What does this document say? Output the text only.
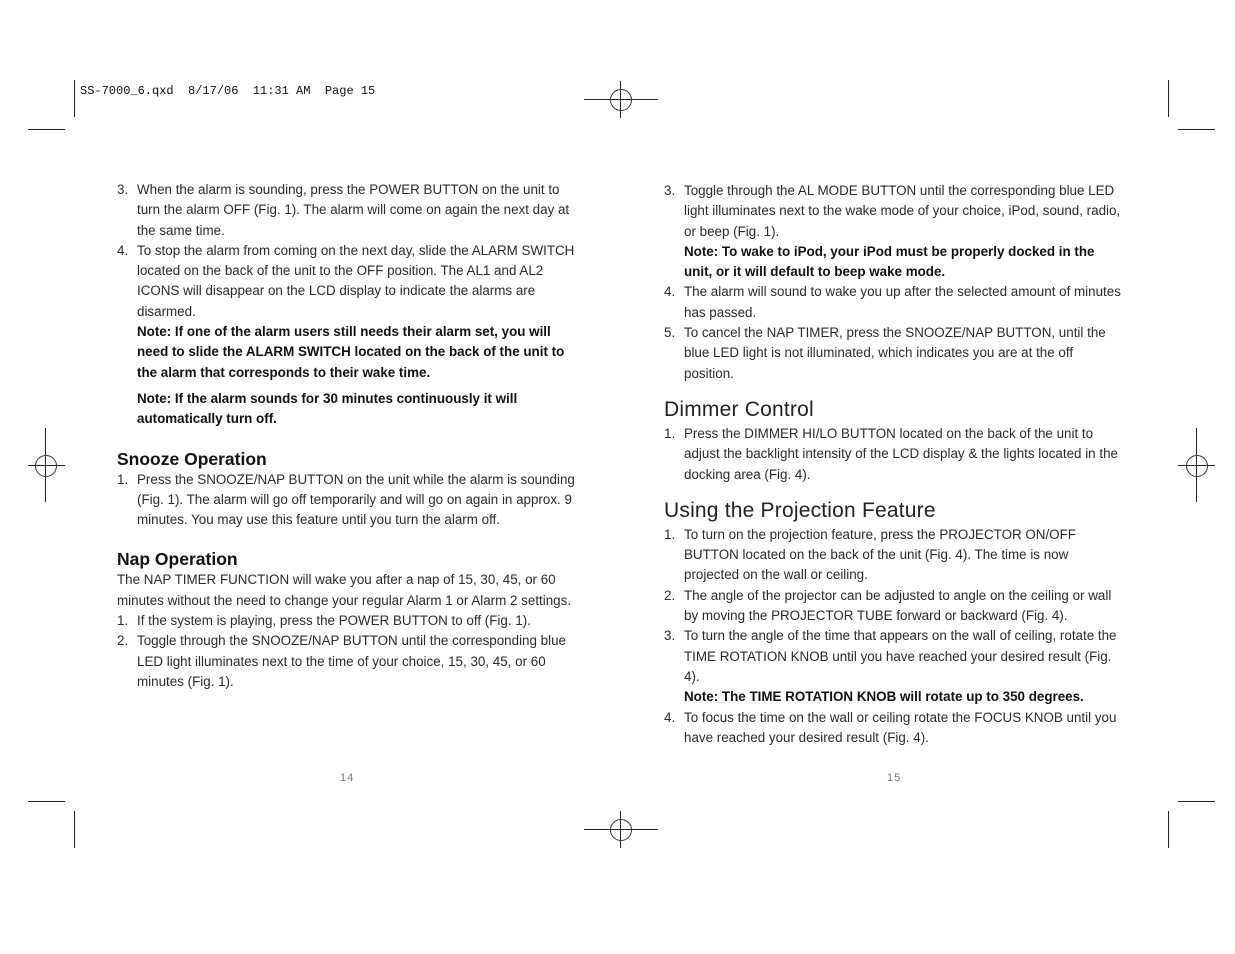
SS-7000_6.qxd  8/17/06  11:31 AM  Page 15
3. When the alarm is sounding, press the POWER BUTTON on the unit to turn the alarm OFF (Fig. 1). The alarm will come on again the next day at the same time.
4. To stop the alarm from coming on the next day, slide the ALARM SWITCH located on the back of the unit to the OFF position. The AL1 and AL2 ICONS will disappear on the LCD display to indicate the alarms are disarmed.

Note: If one of the alarm users still needs their alarm set, you will need to slide the ALARM SWITCH located on the back of the unit to the alarm that corresponds to their wake time.

Note: If the alarm sounds for 30 minutes continuously it will automatically turn off.

Snooze Operation

1. Press the SNOOZE/NAP BUTTON on the unit while the alarm is sounding (Fig. 1). The alarm will go off temporarily and will go on again in approx. 9 minutes. You may use this feature until you turn the alarm off.

Nap Operation

The NAP TIMER FUNCTION will wake you after a nap of 15, 30, 45, or 60 minutes without the need to change your regular Alarm 1 or Alarm 2 settings.

1. If the system is playing, press the POWER BUTTON to off (Fig. 1).
2. Toggle through the SNOOZE/NAP BUTTON until the corresponding blue LED light illuminates next to the time of your choice, 15, 30, 45, or 60 minutes (Fig. 1).
14
3. Toggle through the AL MODE BUTTON until the corresponding blue LED light illuminates next to the wake mode of your choice, iPod, sound, radio, or beep (Fig. 1).

Note: To wake to iPod, your iPod must be properly docked in the unit, or it will default to beep wake mode.

4. The alarm will sound to wake you up after the selected amount of minutes has passed.
5. To cancel the NAP TIMER, press the SNOOZE/NAP BUTTON, until the blue LED light is not illuminated, which indicates you are at the off position.

Dimmer Control

1. Press the DIMMER HI/LO BUTTON located on the back of the unit to adjust the backlight intensity of the LCD display & the lights located in the docking area (Fig. 4).

Using the Projection Feature

1. To turn on the projection feature, press the PROJECTOR ON/OFF BUTTON located on the back of the unit (Fig. 4). The time is now projected on the wall or ceiling.
2. The angle of the projector can be adjusted to angle on the ceiling or wall by moving the PROJECTOR TUBE forward or backward (Fig. 4).
3. To turn the angle of the time that appears on the wall of ceiling, rotate the TIME ROTATION KNOB until you have reached your desired result (Fig. 4).

Note: The TIME ROTATION KNOB will rotate up to 350 degrees.

4. To focus the time on the wall or ceiling rotate the FOCUS KNOB until you have reached your desired result (Fig. 4).
15
